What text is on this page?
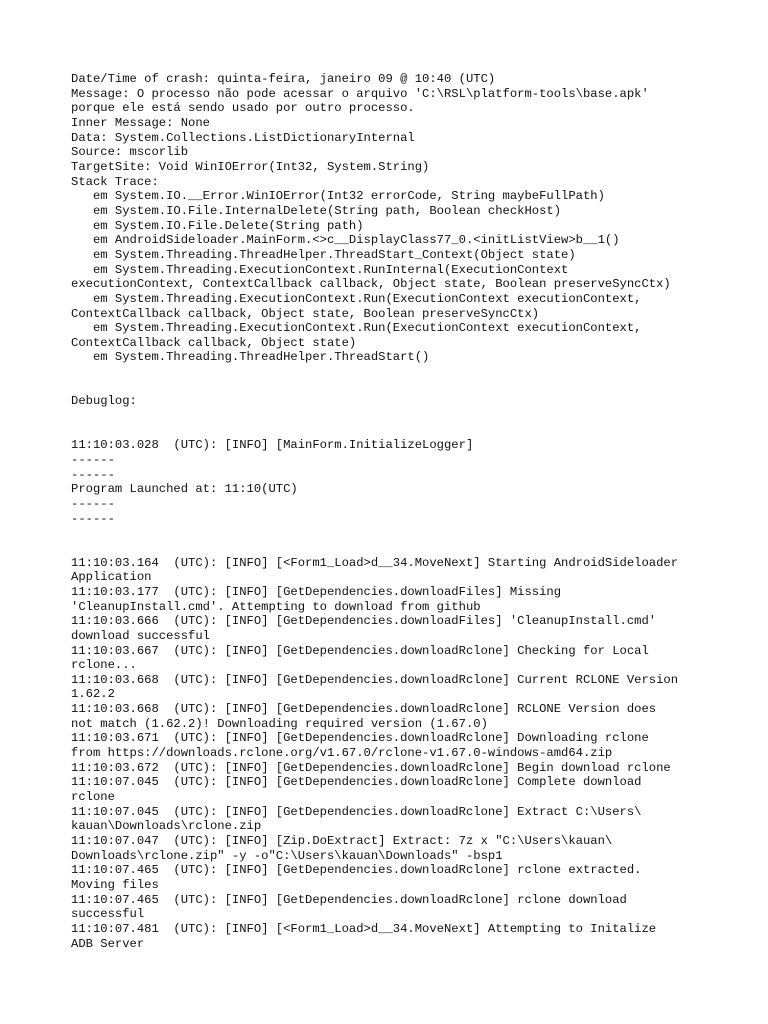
Date/Time of crash: quinta-feira, janeiro 09 @ 10:40 (UTC)
Message: O processo não pode acessar o arquivo 'C:\RSL\platform-tools\base.apk'
porque ele está sendo usado por outro processo.
Inner Message: None
Data: System.Collections.ListDictionaryInternal
Source: mscorlib
TargetSite: Void WinIOError(Int32, System.String)
Stack Trace:
em System.IO.__Error.WinIOError(Int32 errorCode, String maybeFullPath)
em System.IO.File.InternalDelete(String path, Boolean checkHost)
em System.IO.File.Delete(String path)
em AndroidSideloader.MainForm.<>c__DisplayClass77_0.<initListView>b__1()
em System.Threading.ThreadHelper.ThreadStart_Context(Object state)
em System.Threading.ExecutionContext.RunInternal(ExecutionContext
executionContext, ContextCallback callback, Object state, Boolean preserveSyncCtx)
em System.Threading.ExecutionContext.Run(ExecutionContext executionContext,
ContextCallback callback, Object state, Boolean preserveSyncCtx)
em System.Threading.ExecutionContext.Run(ExecutionContext executionContext,
ContextCallback callback, Object state)
em System.Threading.ThreadHelper.ThreadStart()
Debuglog:
11:10:03.028  (UTC): [INFO] [MainForm.InitializeLogger]
------
------
Program Launched at: 11:10(UTC)
------
------
11:10:03.164  (UTC): [INFO] [<Form1_Load>d__34.MoveNext] Starting AndroidSideloader
Application
11:10:03.177  (UTC): [INFO] [GetDependencies.downloadFiles] Missing
'CleanupInstall.cmd'. Attempting to download from github
11:10:03.666  (UTC): [INFO] [GetDependencies.downloadFiles] 'CleanupInstall.cmd'
download successful
11:10:03.667  (UTC): [INFO] [GetDependencies.downloadRclone] Checking for Local
rclone...
11:10:03.668  (UTC): [INFO] [GetDependencies.downloadRclone] Current RCLONE Version
1.62.2
11:10:03.668  (UTC): [INFO] [GetDependencies.downloadRclone] RCLONE Version does
not match (1.62.2)! Downloading required version (1.67.0)
11:10:03.671  (UTC): [INFO] [GetDependencies.downloadRclone] Downloading rclone
from https://downloads.rclone.org/v1.67.0/rclone-v1.67.0-windows-amd64.zip
11:10:03.672  (UTC): [INFO] [GetDependencies.downloadRclone] Begin download rclone
11:10:07.045  (UTC): [INFO] [GetDependencies.downloadRclone] Complete download
rclone
11:10:07.045  (UTC): [INFO] [GetDependencies.downloadRclone] Extract C:\Users\
kauan\Downloads\rclone.zip
11:10:07.047  (UTC): [INFO] [Zip.DoExtract] Extract: 7z x "C:\Users\kauan\
Downloads\rclone.zip" -y -o"C:\Users\kauan\Downloads" -bsp1
11:10:07.465  (UTC): [INFO] [GetDependencies.downloadRclone] rclone extracted.
Moving files
11:10:07.465  (UTC): [INFO] [GetDependencies.downloadRclone] rclone download
successful
11:10:07.481  (UTC): [INFO] [<Form1_Load>d__34.MoveNext] Attempting to Initalize
ADB Server
